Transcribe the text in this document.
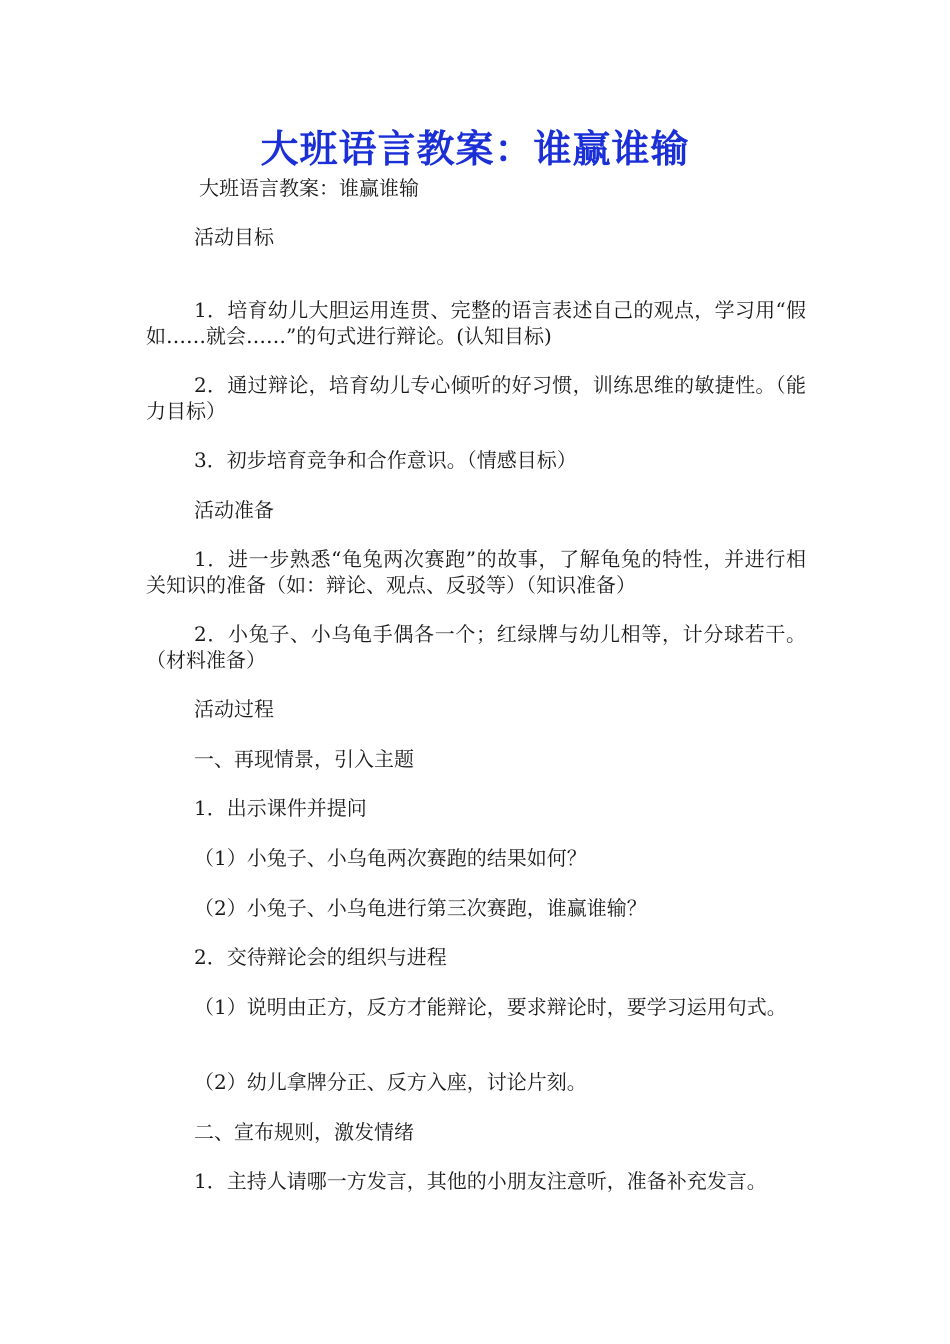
大班语言教案：谁赢谁输

大班语言教案：谁赢谁输

活动目标

1．培育幼儿大胆运用连贯、完整的语言表述自己的观点，学习用“假如……就会……”的句式进行辩论。(认知目标)

2．通过辩论，培育幼儿专心倾听的好习惯，训练思维的敏捷性。（能力目标）

3．初步培育竞争和合作意识。（情感目标）

活动准备

1．进一步熟悉“龟兔两次赛跑”的故事，了解龟兔的特性，并进行相关知识的准备（如：辩论、观点、反驳等）（知识准备）

2．小兔子、小乌龟手偶各一个；红绿牌与幼儿相等，计分球若干。（材料准备）

活动过程

一、再现情景，引入主题

1．出示课件并提问

（1）小兔子、小乌龟两次赛跑的结果如何？

（2）小兔子、小乌龟进行第三次赛跑，谁赢谁输？

2．交待辩论会的组织与进程

（1）说明由正方，反方才能辩论，要求辩论时，要学习运用句式。

（2）幼儿拿牌分正、反方入座，讨论片刻。

二、宣布规则，激发情绪

1．主持人请哪一方发言，其他的小朋友注意听，准备补充发言。
